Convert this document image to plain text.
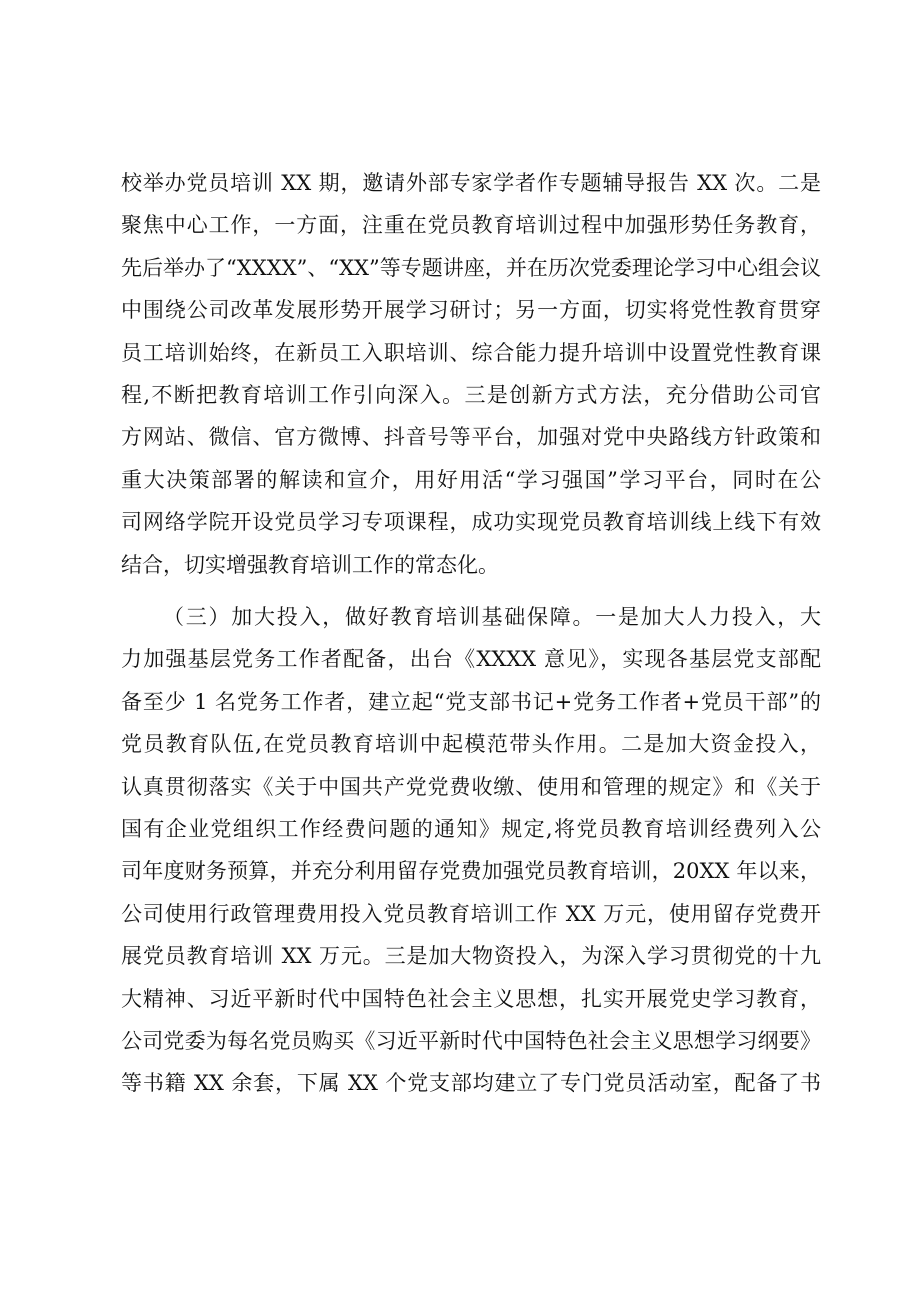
校举办党员培训 XX 期，邀请外部专家学者作专题辅导报告 XX 次。二是
聚焦中心工作，一方面，注重在党员教育培训过程中加强形势任务教育，
先后举办了“XXXX”、“XX”等专题讲座，并在历次党委理论学习中心组会议
中围绕公司改革发展形势开展学习研讨；另一方面，切实将党性教育贯穿
员工培训始终，在新员工入职培训、综合能力提升培训中设置党性教育课
程,不断把教育培训工作引向深入。三是创新方式方法，充分借助公司官
方网站、微信、官方微博、抖音号等平台，加强对党中央路线方针政策和
重大决策部署的解读和宣介，用好用活“学习强国”学习平台，同时在公
司网络学院开设党员学习专项课程，成功实现党员教育培训线上线下有效
结合，切实增强教育培训工作的常态化。
（三）加大投入，做好教育培训基础保障。一是加大人力投入，大
力加强基层党务工作者配备，出台《XXXX 意见》，实现各基层党支部配
备至少 1 名党务工作者，建立起“党支部书记+党务工作者+党员干部”的
党员教育队伍,在党员教育培训中起模范带头作用。二是加大资金投入，
认真贯彻落实《关于中国共产党党费收缴、使用和管理的规定》和《关于
国有企业党组织工作经费问题的通知》规定,将党员教育培训经费列入公
司年度财务预算，并充分利用留存党费加强党员教育培训，20XX 年以来，
公司使用行政管理费用投入党员教育培训工作 XX 万元，使用留存党费开
展党员教育培训 XX 万元。三是加大物资投入，为深入学习贯彻党的十九
大精神、习近平新时代中国特色社会主义思想，扎实开展党史学习教育，
公司党委为每名党员购买《习近平新时代中国特色社会主义思想学习纲要》
等书籍 XX 余套，下属 XX 个党支部均建立了专门党员活动室，配备了书
